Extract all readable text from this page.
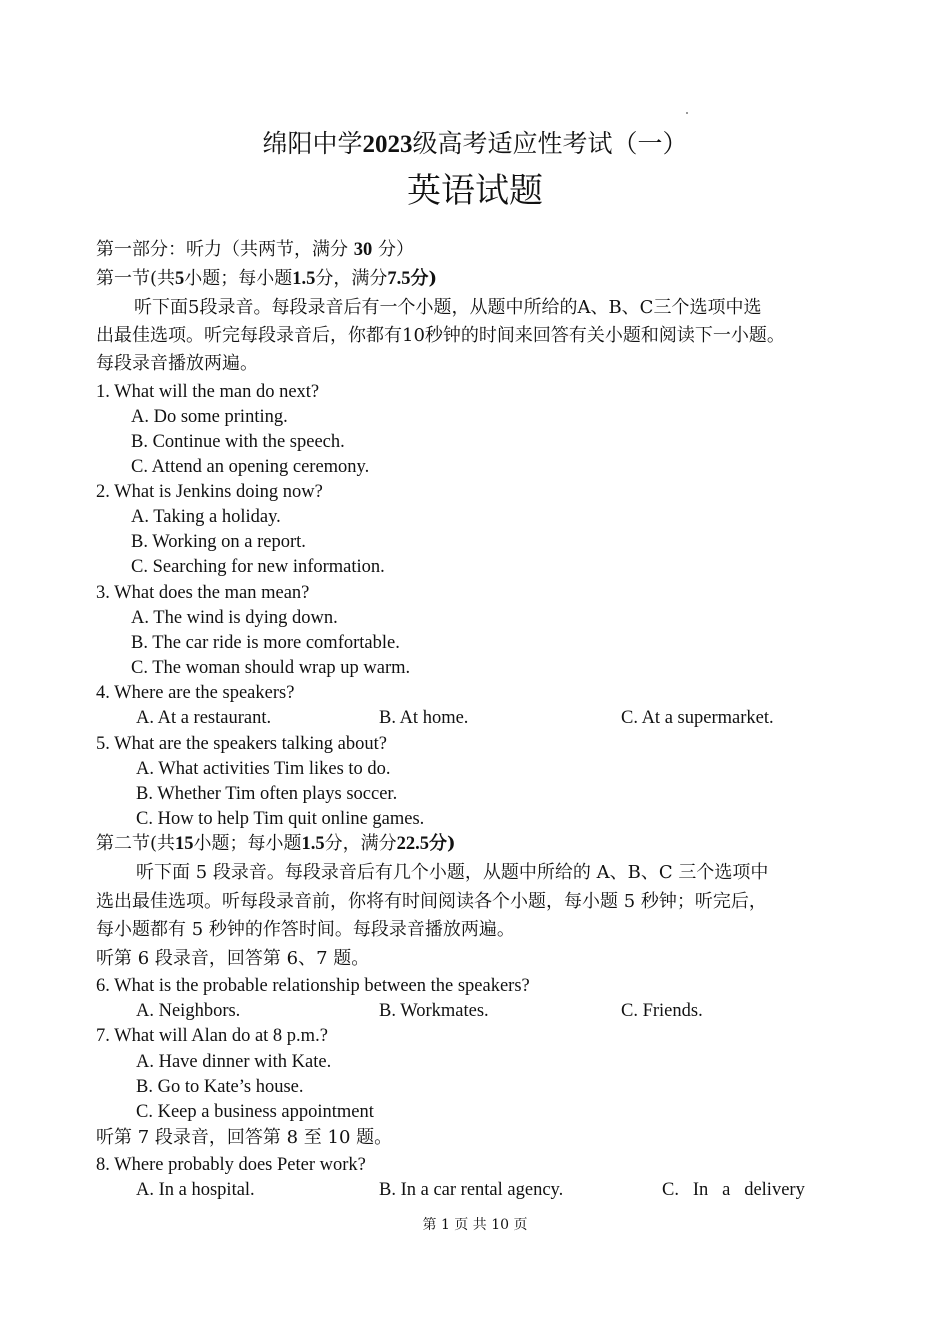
绵阳中学2023级高考适应性考试（一）
英语试题
第一部分：听力（共两节，满分 30 分）
第一节(共5小题；每小题1.5分，满分7.5分)
听下面5段录音。每段录音后有一个小题，从题中所给的A、B、C三个选项中选
出最佳选项。听完每段录音后，你都有10秒钟的时间来回答有关小题和阅读下一小题。
每段录音播放两遍。
1. What will the man do next?
A. Do some printing.
B. Continue with the speech.
C. Attend an opening ceremony.
2. What is Jenkins doing now?
A. Taking a holiday.
B. Working on a report.
C. Searching for new information.
3. What does the man mean?
A. The wind is dying down.
B. The car ride is more comfortable.
C. The woman should wrap up warm.
4. Where are the speakers?
A. At a restaurant.	B. At home.	C. At a supermarket.
5. What are the speakers talking about?
A. What activities Tim likes to do.
B. Whether Tim often plays soccer.
C. How to help Tim quit online games.
第二节(共15小题；每小题1.5分，满分22.5分)
听下面 5 段录音。每段录音后有几个小题，从题中所给的 A、B、C 三个选项中
选出最佳选项。听每段录音前，你将有时间阅读各个小题，每小题 5 秒钟；听完后，
每小题都有 5 秒钟的作答时间。每段录音播放两遍。
听第 6 段录音，回答第 6、7 题。
6. What is the probable relationship between the speakers?
A. Neighbors.	B. Workmates.	C. Friends.
7. What will Alan do at 8 p.m.?
A. Have dinner with Kate.
B. Go to Kate’s house.
C. Keep a business appointment
听第 7 段录音，回答第 8 至 10 题。
8. Where probably does Peter work?
A. In a hospital.	B. In a car rental agency.	C.   In   a   delivery
第 1 页 共 10 页
